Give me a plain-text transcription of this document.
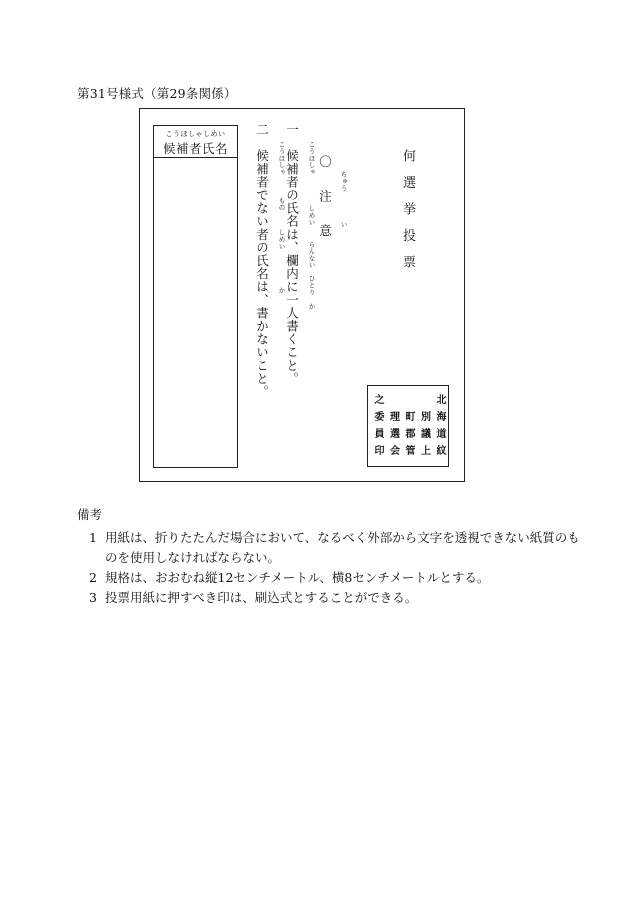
第31号様式（第29条関係）
こうほしゃしめい
候補者氏名
何選挙投票
〇注意 ちゅう
い
一　候補者の氏名は、欄内に一人書くこと。 こうほしゃ
しめい
らんない
ひとり
か
二　候補者でない者の氏名は、書かないこと。 こうほしゃ
もの
しめい
か
北海道紋
別議上
町郡管
理選会
之委員印
備考
1 用紙は、折りたたんだ場合において、なるべく外部から文字を透視できない紙質のものを使用しなければならない。
2 規格は、おおむね縦12センチメートル、横8センチメートルとする。
3 投票用紙に押すべき印は、刷込式とすることができる。
